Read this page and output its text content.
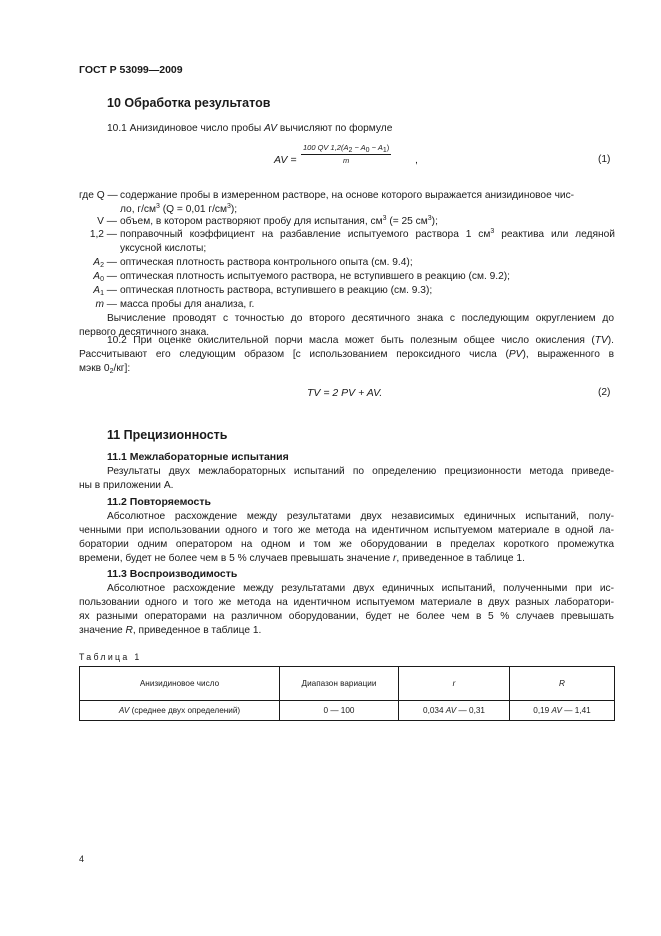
ГОСТ Р 53099—2009
10 Обработка результатов
10.1 Анизидиновое число пробы AV вычисляют по формуле
AV = $\frac{100 QV 1,2(A_2 - A_0 - A_1)}{m}$ ,	(1)
где Q — содержание пробы в измеренном растворе, на основе которого выражается анизидиновое чис-
ло, $г/см^3$ (Q = 0,01 $г/см^3$);
V — объем, в котором растворяют пробу для испытания, $см^3$ (= 25 $см^3$);
1,2 — поправочный коэффициент на разбавление испытуемого раствора 1 $см^3$ реактива или ледяной
уксусной кислоты;
$A_2$ — оптическая плотность раствора контрольного опыта (см. 9.4);
$A_0$ — оптическая плотность испытуемого раствора, не вступившего в реакцию (см. 9.2);
$A_1$ — оптическая плотность раствора, вступившего в реакцию (см. 9.3);
m — масса пробы для анализа, г.
Вычисление проводят с точностью до второго десятичного знака с последующим округлением до
первого десятичного знака.
10.2 При оценке окислительной порчи масла может быть полезным общее число окисления (TV).
Рассчитывают его следующим образом [с использованием пероксидного числа (PV), выраженного в
мэкв $0_2/кг$]:
TV = 2 PV + AV.	(2)
11 Прецизионность
11.1 Межлабораторные испытания
Результаты двух межлабораторных испытаний по определению прецизионности метода приведе-
ны в приложении А.
11.2 Повторяемость
Абсолютное расхождение между результатами двух независимых единичных испытаний, полу-
ченными при использовании одного и того же метода на идентичном испытуемом материале в одной ла-
боратории одним оператором на одном и том же оборудовании в пределах короткого промежутка
времени, будет не более чем в 5 % случаев превышать значение r, приведенное в таблице 1.
11.3 Воспроизводимость
Абсолютное расхождение между результатами двух единичных испытаний, полученными при ис-
пользовании одного и того же метода на идентичном испытуемом материале в двух разных лаборатори-
ях разными операторами на различном оборудовании, будет не более чем в 5 % случаев превышать
значение R, приведенное в таблице 1.
Таблица 1
Анизидиновое число	Диапазон вариации	r	R
AV (среднее двух определений)	0 — 100	0,034 AV — 0,31	0,19 AV — 1,41
4
